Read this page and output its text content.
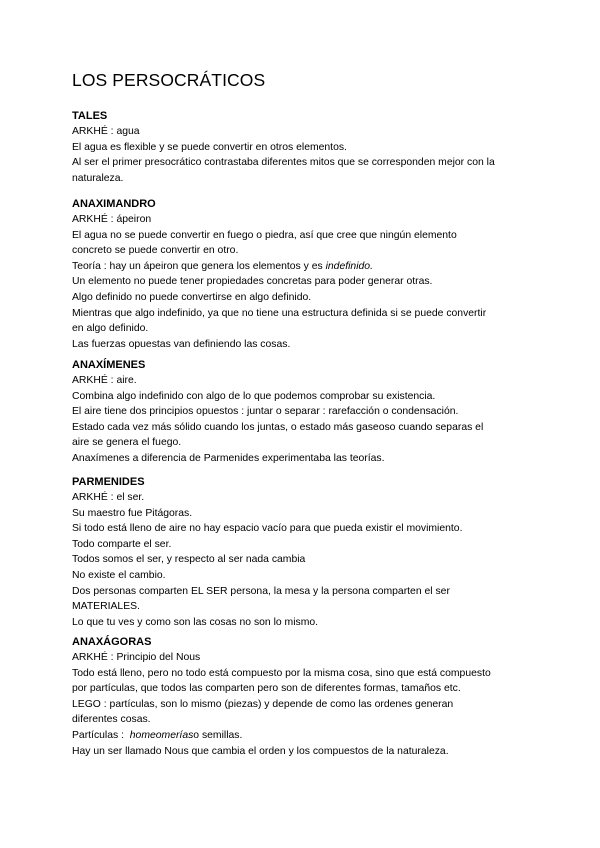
LOS PERSOCRÁTICOS
TALES
ARKHÉ : agua
El agua es flexible y se puede convertir en otros elementos.
Al ser el primer presocrático contrastaba diferentes mitos que se corresponden mejor con la
naturaleza.
ANAXIMANDRO
ARKHÉ : ápeiron
El agua no se puede convertir en fuego o piedra, así que cree que ningún elemento
concreto se puede convertir en otro.
Teoría : hay un ápeiron que genera los elementos y es indefinido.
Un elemento no puede tener propiedades concretas para poder generar otras.
Algo definido no puede convertirse en algo definido.
Mientras que algo indefinido, ya que no tiene una estructura definida si se puede convertir
en algo definido.
Las fuerzas opuestas van definiendo las cosas.
ANAXÍMENES
ARKHÉ : aire.
Combina algo indefinido con algo de lo que podemos comprobar su existencia.
El aire tiene dos principios opuestos : juntar o separar : rarefacción o condensación.
Estado cada vez más sólido cuando los juntas, o estado más gaseoso cuando separas el
aire se genera el fuego.
Anaxímenes a diferencia de Parmenides experimentaba las teorías.
PARMENIDES
ARKHÉ : el ser.
Su maestro fue Pitágoras.
Si todo está lleno de aire no hay espacio vacío para que pueda existir el movimiento.
Todo comparte el ser.
Todos somos el ser, y respecto al ser nada cambia
No existe el cambio.
Dos personas comparten EL SER persona, la mesa y la persona comparten el ser
MATERIALES.
Lo que tu ves y como son las cosas no son lo mismo.
ANAXÁGORAS
ARKHÉ : Principio del Nous
Todo está lleno, pero no todo está compuesto por la misma cosa, sino que está compuesto
por partículas, que todos las comparten pero son de diferentes formas, tamaños etc.
LEGO : partículas, son lo mismo (piezas) y depende de como las ordenes generan
diferentes cosas.
Partículas : homeomeríaso semillas.
Hay un ser llamado Nous que cambia el orden y los compuestos de la naturaleza.
